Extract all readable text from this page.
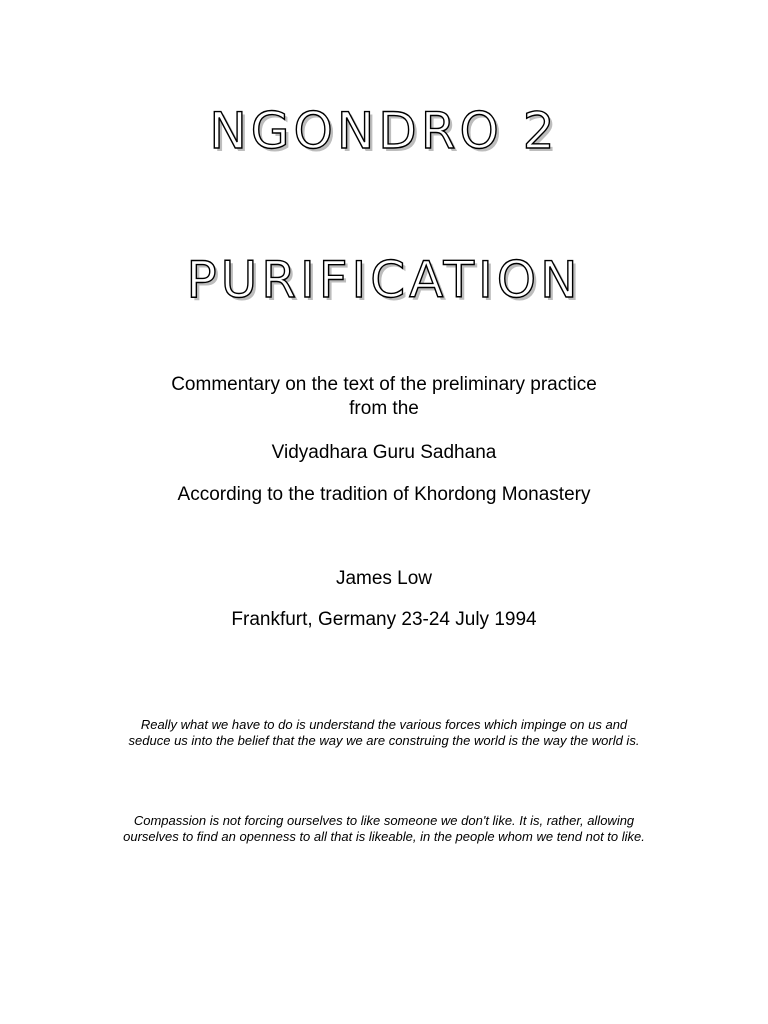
NGONDRO 2
PURIFICATION

Commentary on the text of the preliminary practice

from the

Vidyadhara Guru Sadhana

According to the tradition of Khordong Monastery

James Low

Frankfurt, Germany 23-24 July 1994

Really what we have to do is understand the various forces which impinge on us and seduce us into the belief that the way we are construing the world is the way the world is.

Compassion is not forcing ourselves to like someone we don't like. It is, rather, allowing ourselves to find an openness to all that is likeable, in the people whom we tend not to like.
